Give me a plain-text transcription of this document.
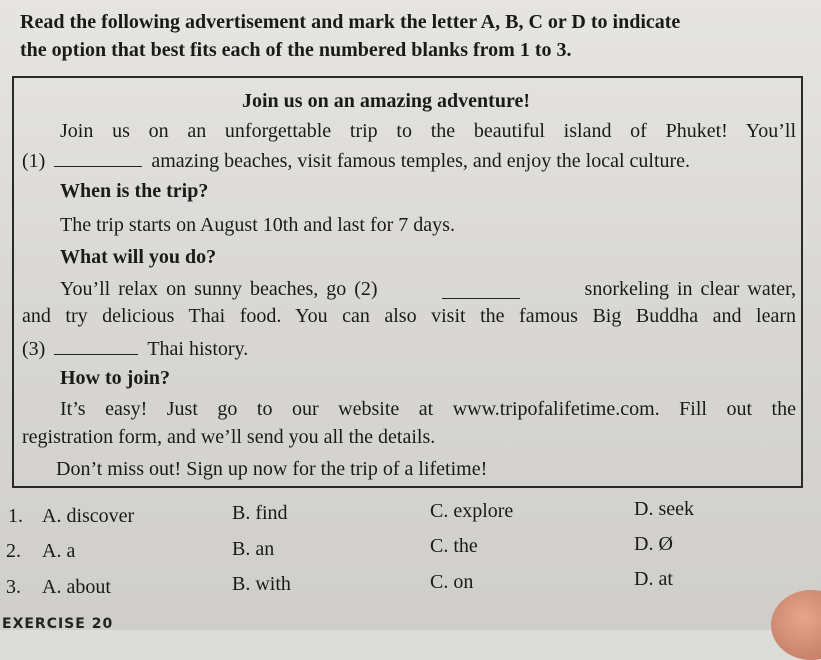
Read the following advertisement and mark the letter A, B, C or D to indicate
the option that best fits each of the numbered blanks from 1 to 3.
Join us on an amazing adventure!
Join us on an unforgettable trip to the beautiful island of Phuket! You’ll
(1)	amazing beaches, visit famous temples, and enjoy the local culture.
When is the trip?
The trip starts on August 10th and last for 7 days.
What will you do?
You’ll relax on sunny beaches, go (2)	snorkeling in clear water,
and try delicious Thai food. You can also visit the famous Big Buddha and learn
(3)	Thai history.
How to join?
It’s easy! Just go to our website at www.tripofalifetime.com. Fill out the
registration form, and we’ll send you all the details.
Don’t miss out! Sign up now for the trip of a lifetime!
1. A. discover	B. find	C. explore	D. seek
2. A. a	B. an	C. the	D. Ø
3. A. about	B. with	C. on	D. at
EXERCISE 20
